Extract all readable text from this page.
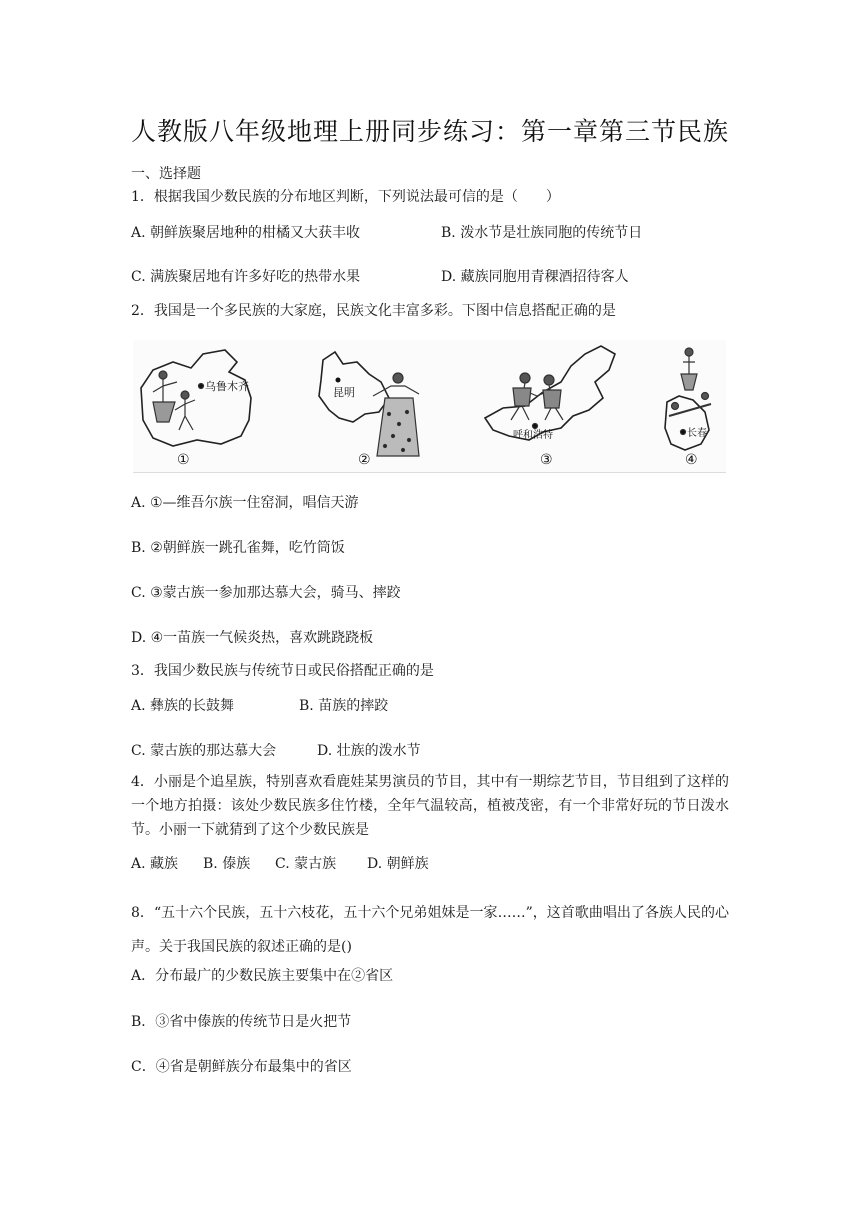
人教版八年级地理上册同步练习：第一章第三节民族
一、选择题
1．根据我国少数民族的分布地区判断，下列说法最可信的是（　　）
A. 朝鲜族聚居地种的柑橘又大获丰收	B. 泼水节是壮族同胞的传统节日
C. 满族聚居地有许多好吃的热带水果	D. 藏族同胞用青稞酒招待客人
2．我国是一个多民族的大家庭，民族文化丰富多彩。下图中信息搭配正确的是
乌鲁木齐
①
昆明
②
呼和浩特
③
长春
④
A. ①—维吾尔族一住窑洞，唱信天游
B. ②朝鲜族一跳孔雀舞，吃竹筒饭
C. ③蒙古族一参加那达慕大会，骑马、摔跤
D. ④一苗族一气候炎热，喜欢跳跷跷板
3．我国少数民族与传统节日或民俗搭配正确的是
A. 彝族的长鼓舞	B. 苗族的摔跤
C. 蒙古族的那达慕大会	D. 壮族的泼水节
4．小丽是个追星族，特别喜欢看鹿娃某男演员的节目，其中有一期综艺节目，节目组到了这样的一个地方拍摄：该处少数民族多住竹楼，全年气温较高，植被茂密，有一个非常好玩的节日泼水节。小丽一下就猜到了这个少数民族是
A. 藏族 B. 傣族 C. 蒙古族 D. 朝鲜族
8．“五十六个民族，五十六枝花，五十六个兄弟姐妹是一家……”，这首歌曲唱出了各族人民的心声。关于我国民族的叙述正确的是()
A．分布最广的少数民族主要集中在②省区
B．③省中傣族的传统节日是火把节
C．④省是朝鲜族分布最集中的省区
